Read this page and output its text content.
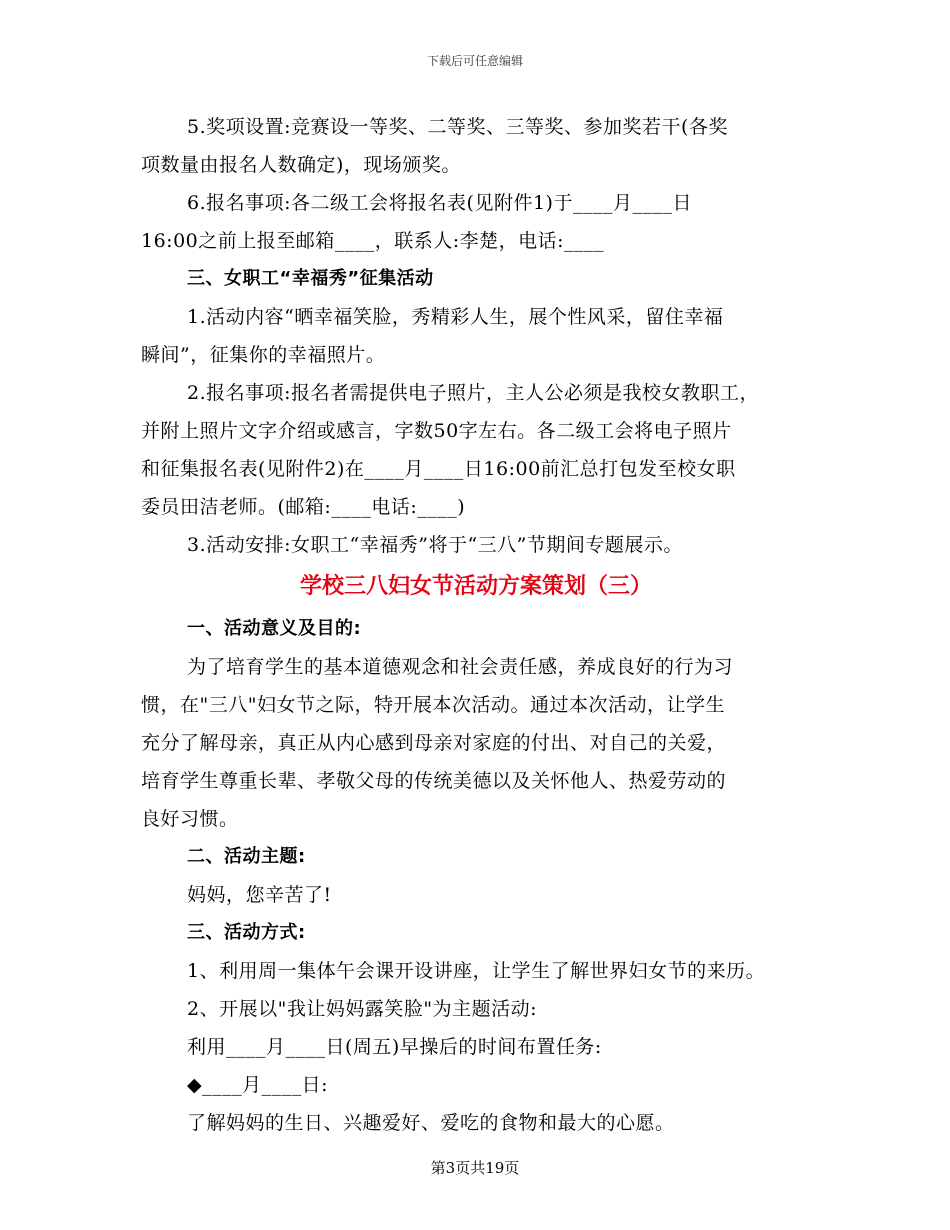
下载后可任意编辑
5.奖项设置:竞赛设一等奖、二等奖、三等奖、参加奖若干(各奖
项数量由报名人数确定)，现场颁奖。
6.报名事项:各二级工会将报名表(见附件1)于____月____日
16:00之前上报至邮箱____，联系人:李楚，电话:____
三、女职工“幸福秀”征集活动
1.活动内容“晒幸福笑脸，秀精彩人生，展个性风采，留住幸福
瞬间”，征集你的幸福照片。
2.报名事项:报名者需提供电子照片，主人公必须是我校女教职工，
并附上照片文字介绍或感言，字数50字左右。各二级工会将电子照片
和征集报名表(见附件2)在____月____日16:00前汇总打包发至校女职
委员田洁老师。(邮箱:____电话:____)
3.活动安排:女职工“幸福秀”将于“三八”节期间专题展示。
学校三八妇女节活动方案策划（三）
一、活动意义及目的:
为了培育学生的基本道德观念和社会责任感，养成良好的行为习
惯，在"三八"妇女节之际，特开展本次活动。通过本次活动，让学生
充分了解母亲，真正从内心感到母亲对家庭的付出、对自己的关爱，
培育学生尊重长辈、孝敬父母的传统美德以及关怀他人、热爱劳动的
良好习惯。
二、活动主题:
妈妈，您辛苦了!
三、活动方式:
1、利用周一集体午会课开设讲座，让学生了解世界妇女节的来历。
2、开展以"我让妈妈露笑脸"为主题活动:
利用____月____日(周五)早操后的时间布置任务:
◆____月____日:
了解妈妈的生日、兴趣爱好、爱吃的食物和最大的心愿。
第3页共19页
